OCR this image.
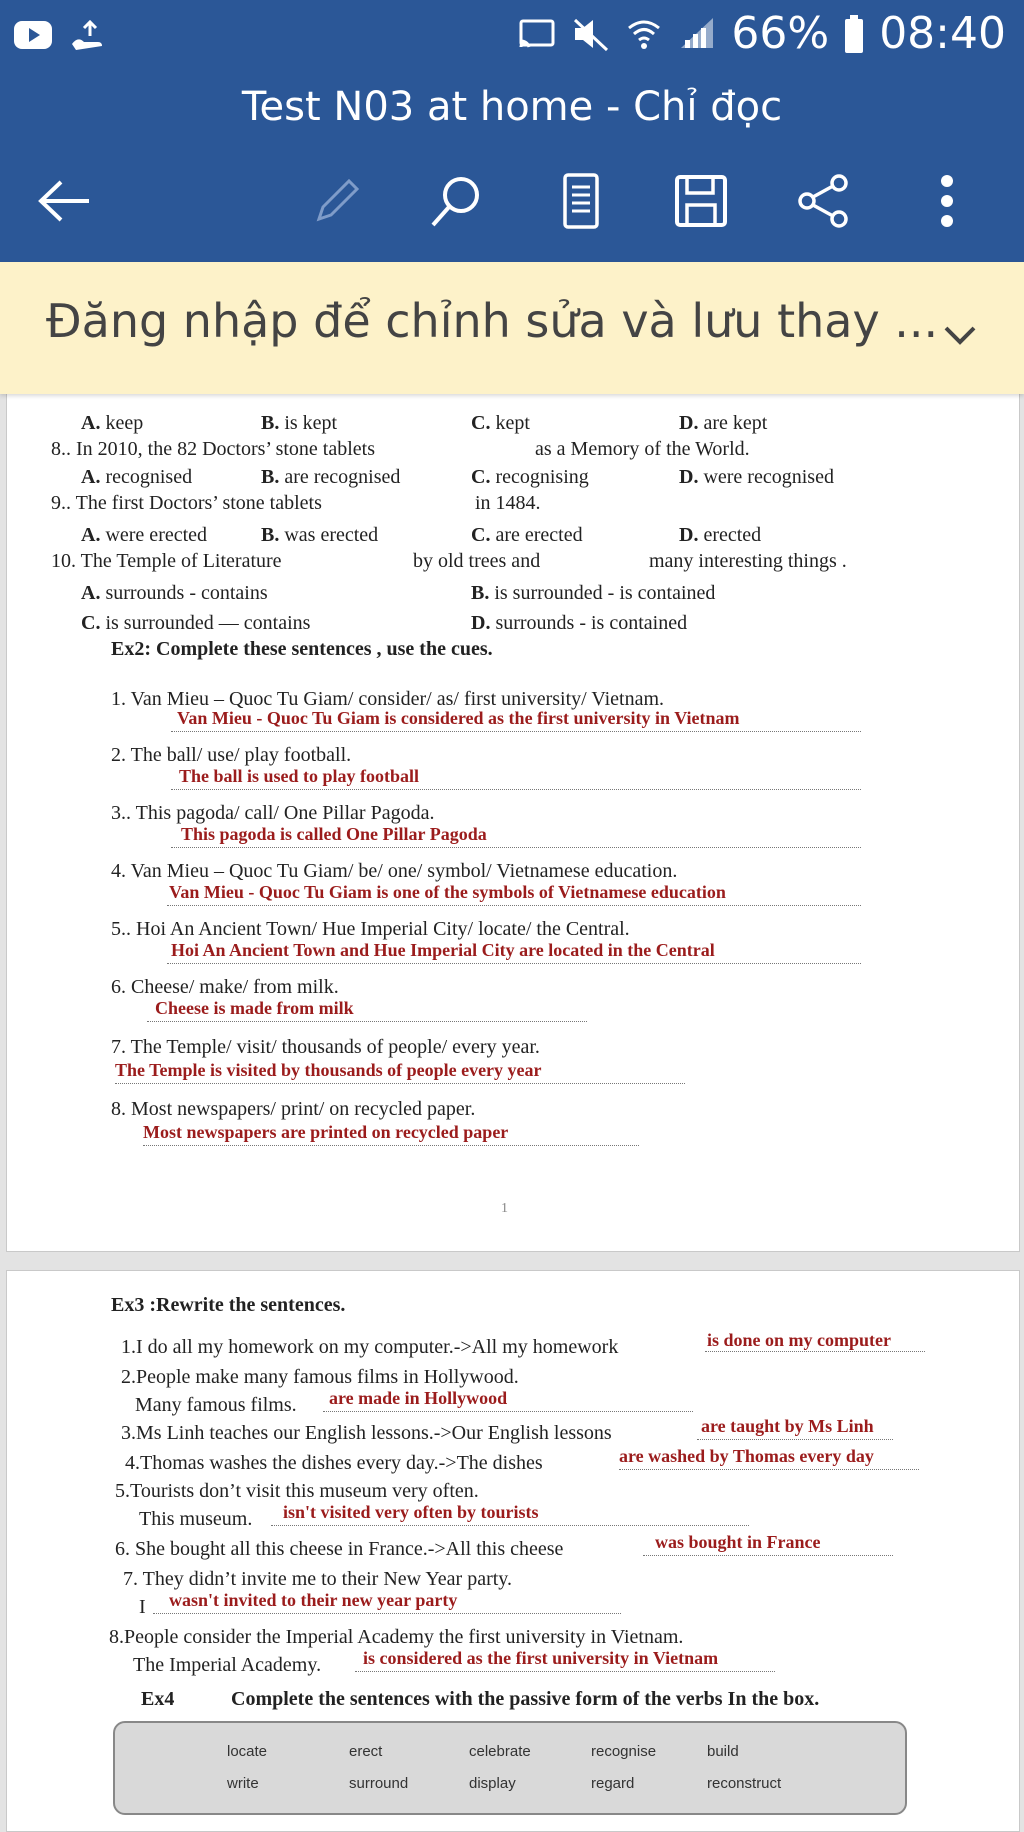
66% 08:40
Test N03 at home - Chỉ đọc
Đăng nhập để chỉnh sửa và lưu thay ...
A. keep	B. is kept	C. kept	D. are kept
8.. In 2010, the 82 Doctors’ stone tablets	as a Memory of the World.
A. recognised	B. are recognised	C. recognising	D. were recognised
9.. The first Doctors’ stone tablets	in 1484.
A. were erected	B. was erected	C. are erected	D. erected
10. The Temple of Literature	by old trees and	many interesting things .
A. surrounds - contains	B. is surrounded - is contained
C. is surrounded — contains	D. surrounds - is contained
Ex2: Complete these sentences , use the cues.
1. Van Mieu – Quoc Tu Giam/ consider/ as/ first university/ Vietnam.
Van Mieu - Quoc Tu Giam is considered as the first university in Vietnam
2. The ball/ use/ play football.
The ball is used to play football
3.. This pagoda/ call/ One Pillar Pagoda.
This pagoda is called One Pillar Pagoda
4. Van Mieu – Quoc Tu Giam/ be/ one/ symbol/ Vietnamese education.
Van Mieu - Quoc Tu Giam is one of the symbols of Vietnamese education
5.. Hoi An Ancient Town/ Hue Imperial City/ locate/ the Central.
Hoi An Ancient Town and Hue Imperial City are located in the Central
6. Cheese/ make/ from milk.
Cheese is made from milk
7. The Temple/ visit/ thousands of people/ every year.
The Temple is visited by thousands of people every year
8. Most newspapers/ print/ on recycled paper.
Most newspapers are printed on recycled paper
1
Ex3 :Rewrite the sentences.
1.I do all my homework on my computer.->All my homework	is done on my computer
2.People make many famous films in Hollywood.
Many famous films. are made in Hollywood
3.Ms Linh teaches our English lessons.->Our English lessons	are taught by Ms Linh
4.Thomas washes the dishes every day.->The dishes	are washed by Thomas every day
5.Tourists don’t visit this museum very often.
This museum. isn't visited very often by tourists
6. She bought all this cheese in France.->All this cheese	was bought in France
7. They didn’t invite me to their New Year party.
I wasn't invited to their new year party
8.People consider the Imperial Academy the first university in Vietnam.
The Imperial Academy. is considered as the first university in Vietnam
Ex4	Complete the sentences with the passive form of the verbs In the box.
locate	erect	celebrate	recognise	build
write	surround	display	regard	reconstruct
